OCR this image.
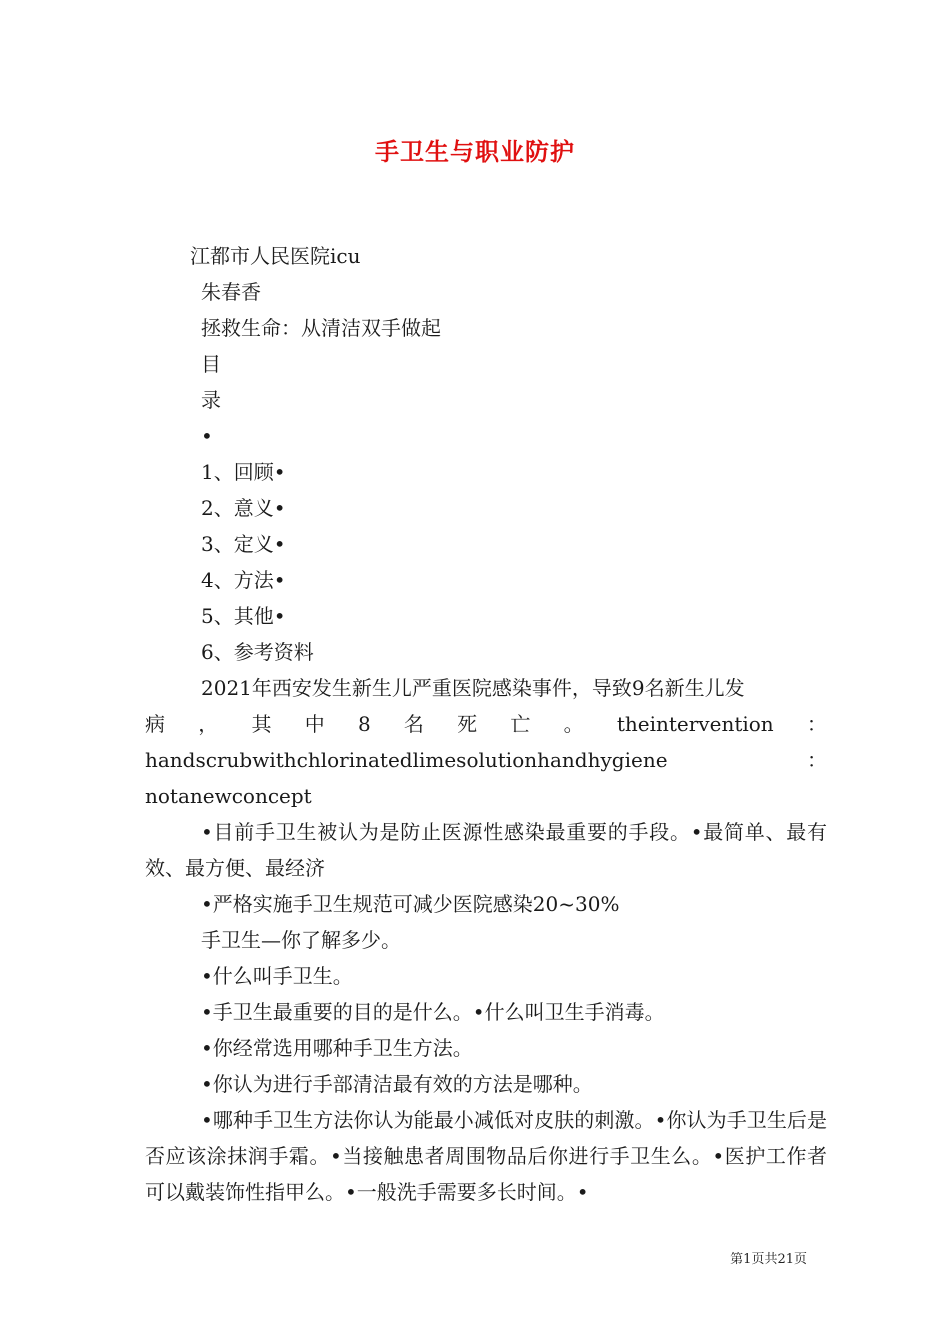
手卫生与职业防护
江都市人民医院icu
朱春香
拯救生命：从清洁双手做起
目
录
•
1、回顾•
2、意义•
3、定义•
4、方法•
5、其他•
6、参考资料
2021年西安发生新生儿严重医院感染事件，导致9名新生儿发
病 ， 其 中 8 名 死 亡 。 theintervention ：
handscrubwithchlorinatedlimesolutionhandhygiene	：
notanewconcept
•目前手卫生被认为是防止医源性感染最重要的手段。•最简单、最有效、最方便、最经济
•严格实施手卫生规范可减少医院感染20~30%
手卫生—你了解多少。
•什么叫手卫生。
•手卫生最重要的目的是什么。•什么叫卫生手消毒。
•你经常选用哪种手卫生方法。
•你认为进行手部清洁最有效的方法是哪种。
•哪种手卫生方法你认为能最小减低对皮肤的刺激。•你认为手卫生后是否应该涂抹润手霜。•当接触患者周围物品后你进行手卫生么。•医护工作者可以戴装饰性指甲么。•一般洗手需要多长时间。•
第1页共21页
